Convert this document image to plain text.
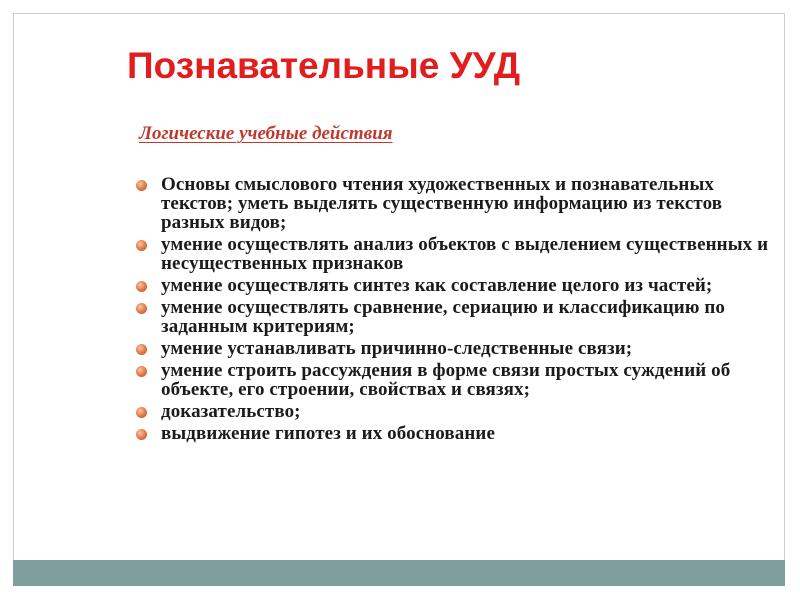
Познавательные УУД
Логические учебные действия
Основы смыслового чтения художественных и познавательных текстов; уметь выделять существенную информацию из текстов разных видов;
умение осуществлять анализ объектов с выделением существенных и несущественных признаков
умение осуществлять синтез как составление целого из частей;
умение осуществлять сравнение, сериацию и классификацию по заданным критериям;
умение устанавливать причинно-следственные связи;
умение строить рассуждения в форме связи простых суждений об объекте, его строении, свойствах и связях;
доказательство;
выдвижение гипотез и их обоснование
